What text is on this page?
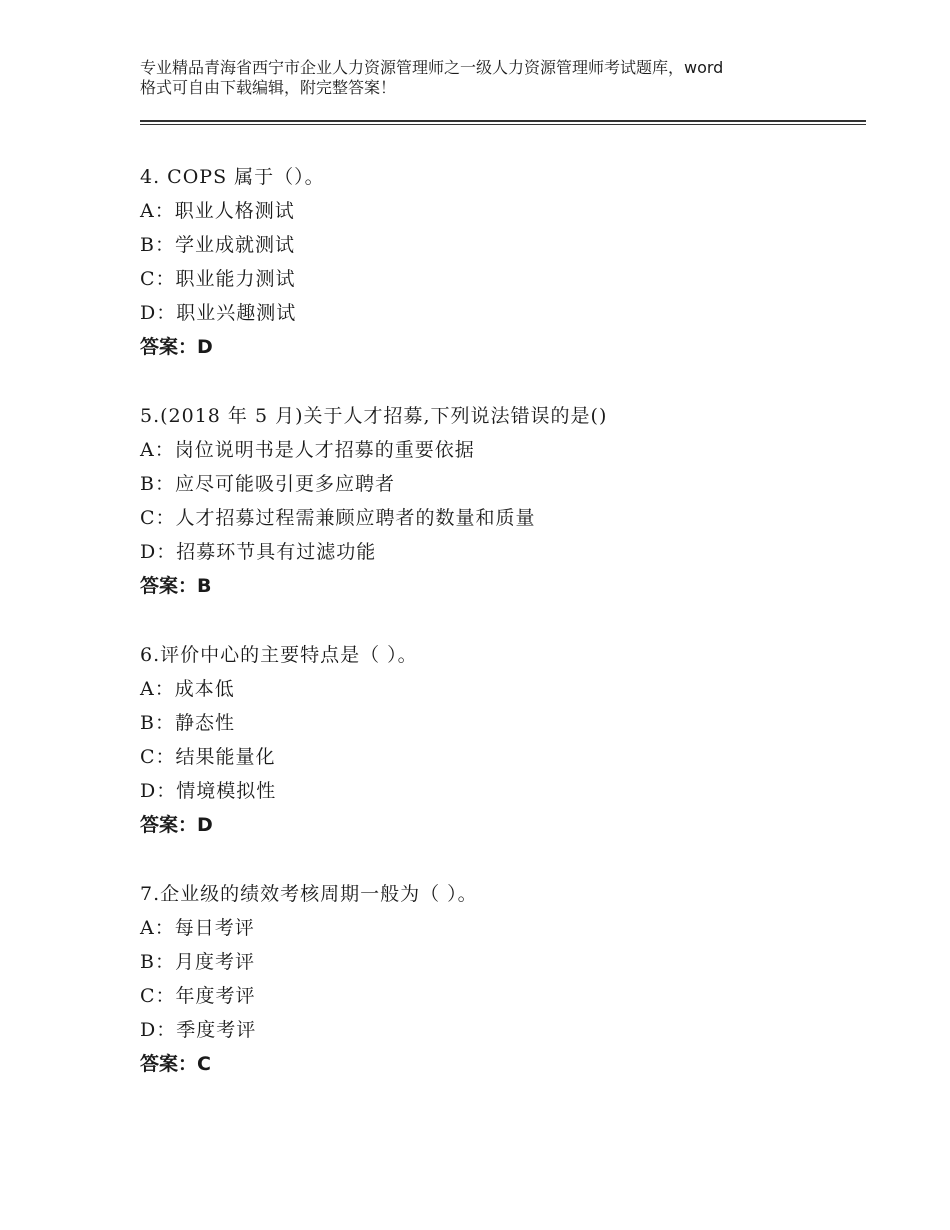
专业精品青海省西宁市企业人力资源管理师之一级人力资源管理师考试题库，word
格式可自由下载编辑，附完整答案！
4. COPS 属于（）。
A：职业人格测试
B：学业成就测试
C：职业能力测试
D：职业兴趣测试
答案：D
5.(2018 年 5 月)关于人才招募,下列说法错误的是()
A：岗位说明书是人才招募的重要依据
B：应尽可能吸引更多应聘者
C：人才招募过程需兼顾应聘者的数量和质量
D：招募环节具有过滤功能
答案：B
6.评价中心的主要特点是（ ）。
A：成本低
B：静态性
C：结果能量化
D：情境模拟性
答案：D
7.企业级的绩效考核周期一般为（ ）。
A：每日考评
B：月度考评
C：年度考评
D：季度考评
答案：C
